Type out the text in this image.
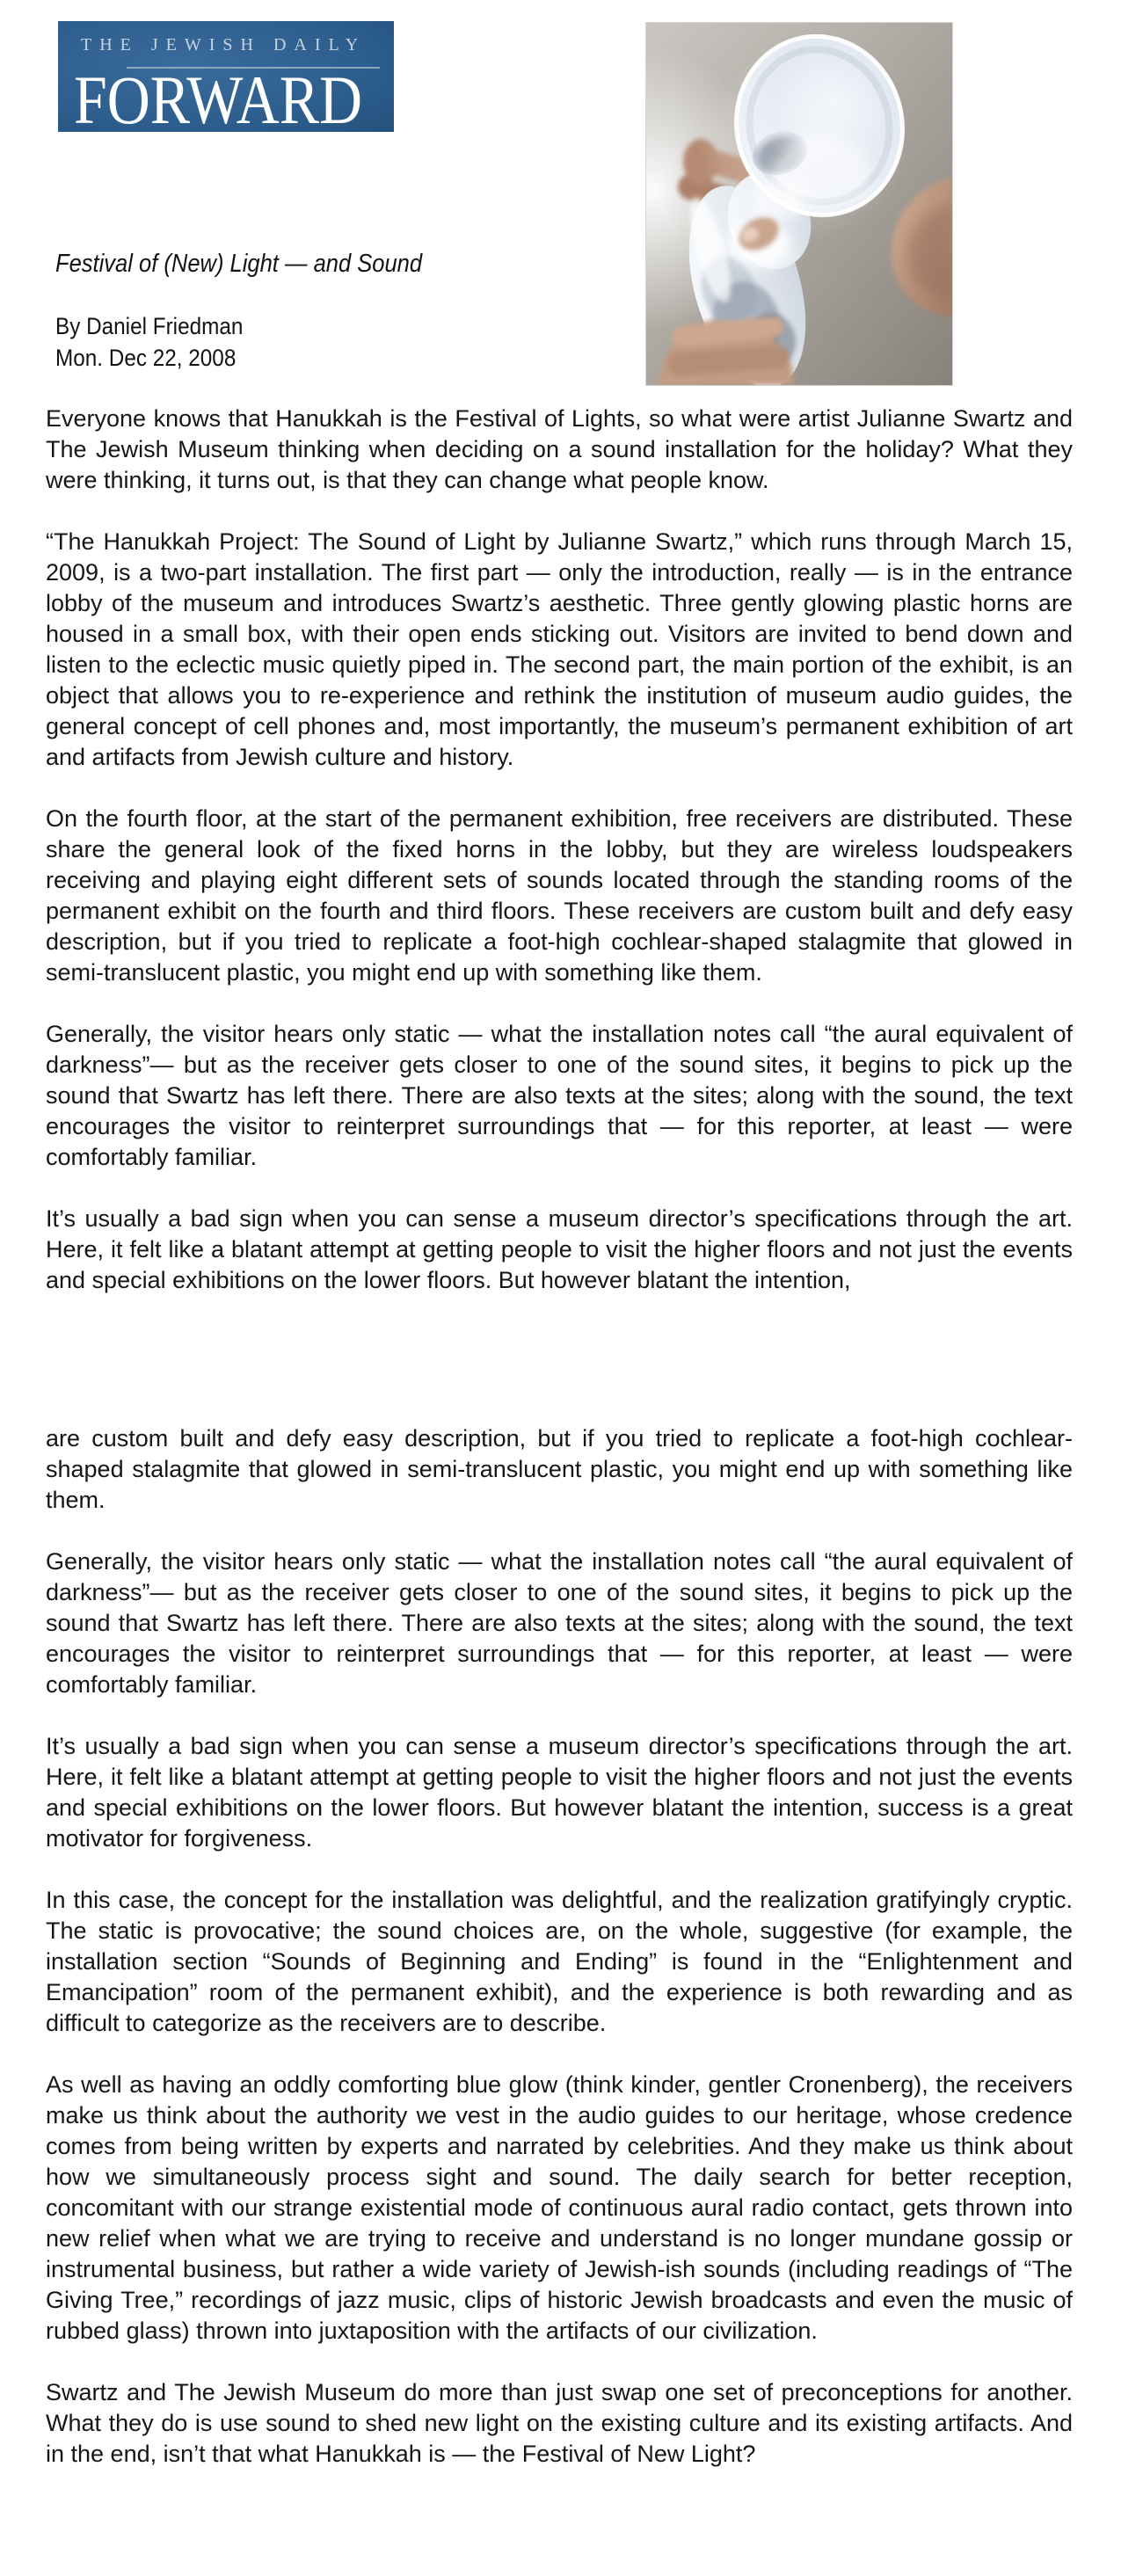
THE JEWISH DAILY
FORWARD
Festival of (New) Light — and Sound
By Daniel Friedman
Mon. Dec 22, 2008

Everyone knows that Hanukkah is the Festival of Lights, so what were artist Julianne Swartz and The Jewish Museum thinking when deciding on a sound installation for the holiday? What they were thinking, it turns out, is that they can change what people know.

“The Hanukkah Project: The Sound of Light by Julianne Swartz,” which runs through March 15, 2009, is a two-part installation. The first part — only the introduction, really — is in the entrance lobby of the museum and introduces Swartz’s aesthetic. Three gently glowing plastic horns are housed in a small box, with their open ends sticking out. Visitors are invited to bend down and listen to the eclectic music quietly piped in. The second part, the main portion of the exhibit, is an object that allows you to re-experience and rethink the institution of museum audio guides, the general concept of cell phones and, most importantly, the museum’s permanent exhibition of art and artifacts from Jewish culture and history.

On the fourth floor, at the start of the permanent exhibition, free receivers are distributed. These share the general look of the fixed horns in the lobby, but they are wireless loudspeakers receiving and playing eight different sets of sounds located through the standing rooms of the permanent exhibit on the fourth and third floors. These receivers are custom built and defy easy description, but if you tried to replicate a foot-high cochlear-shaped stalagmite that glowed in semi-translucent plastic, you might end up with something like them.

Generally, the visitor hears only static — what the installation notes call “the aural equivalent of darkness”— but as the receiver gets closer to one of the sound sites, it begins to pick up the sound that Swartz has left there. There are also texts at the sites; along with the sound, the text encourages the visitor to reinterpret surroundings that — for this reporter, at least — were comfortably familiar.

It’s usually a bad sign when you can sense a museum director’s specifications through the art. Here, it felt like a blatant attempt at getting people to visit the higher floors and not just the events and special exhibitions on the lower floors. But however blatant the intention,

are custom built and defy easy description, but if you tried to replicate a foot-high cochlear-shaped stalagmite that glowed in semi-translucent plastic, you might end up with something like them.

Generally, the visitor hears only static — what the installation notes call “the aural equivalent of darkness”— but as the receiver gets closer to one of the sound sites, it begins to pick up the sound that Swartz has left there. There are also texts at the sites; along with the sound, the text encourages the visitor to reinterpret surroundings that — for this reporter, at least — were comfortably familiar.

It’s usually a bad sign when you can sense a museum director’s specifications through the art. Here, it felt like a blatant attempt at getting people to visit the higher floors and not just the events and special exhibitions on the lower floors. But however blatant the intention, success is a great motivator for forgiveness.

In this case, the concept for the installation was delightful, and the realization gratifyingly cryptic. The static is provocative; the sound choices are, on the whole, suggestive (for example, the installation section “Sounds of Beginning and Ending” is found in the “Enlightenment and Emancipation” room of the permanent exhibit), and the experience is both rewarding and as difficult to categorize as the receivers are to describe.

As well as having an oddly comforting blue glow (think kinder, gentler Cronenberg), the receivers make us think about the authority we vest in the audio guides to our heritage, whose credence comes from being written by experts and narrated by celebrities. And they make us think about how we simultaneously process sight and sound. The daily search for better reception, concomitant with our strange existential mode of continuous aural radio contact, gets thrown into new relief when what we are trying to receive and understand is no longer mundane gossip or instrumental business, but rather a wide variety of Jewish-ish sounds (including readings of “The Giving Tree,” recordings of jazz music, clips of historic Jewish broadcasts and even the music of rubbed glass) thrown into juxtaposition with the artifacts of our civilization.

Swartz and The Jewish Museum do more than just swap one set of preconceptions for another. What they do is use sound to shed new light on the existing culture and its existing artifacts. And in the end, isn’t that what Hanukkah is — the Festival of New Light?
